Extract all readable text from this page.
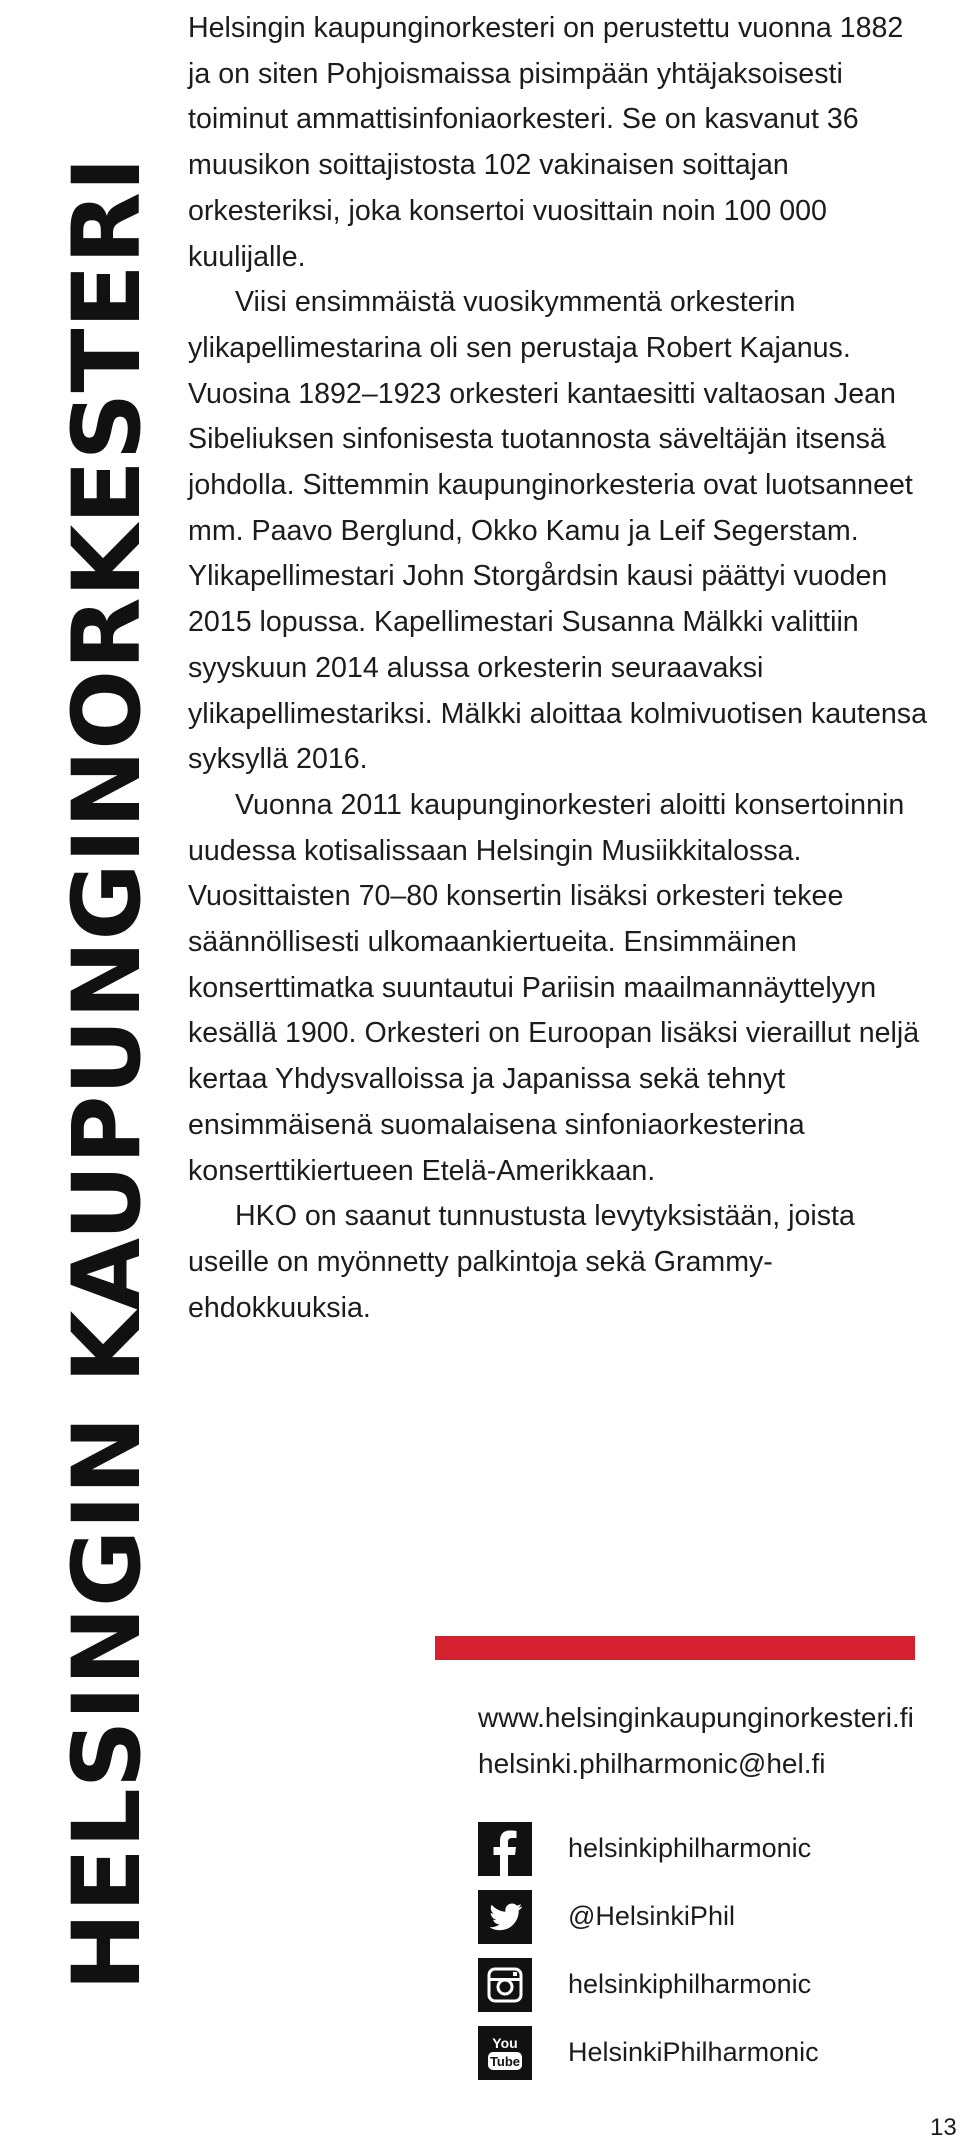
HELSINGIN KAUPUNGINORKESTERI

Helsingin kaupunginorkesteri on perustettu vuonna 1882 ja on siten Pohjoismaissa pisimpään yhtäjaksoisesti toiminut ammattisinfoniaorkesteri. Se on kasvanut 36 muusikon soittajistosta 102 vakinaisen soittajan orkesteriksi, joka konsertoi vuosittain noin 100 000 kuulijalle.

Viisi ensimmäistä vuosikymmentä orkesterin ylikapellimestarina oli sen perustaja Robert Kajanus. Vuosina 1892–1923 orkesteri kantaesitti valtaosan Jean Sibeliuksen sinfonisesta tuotannosta säveltäjän itsensä johdolla. Sittemmin kaupunginorkesteria ovat luotsanneet mm. Paavo Berglund, Okko Kamu ja Leif Segerstam. Ylikapellimestari John Storgårdsin kausi päättyi vuoden 2015 lopussa. Kapellimestari Susanna Mälkki valittiin syyskuun 2014 alussa orkesterin seuraavaksi ylikapellimestariksi. Mälkki aloittaa kolmivuotisen kautensa syksyllä 2016.

Vuonna 2011 kaupunginorkesteri aloitti konsertoinnin uudessa kotisalissaan Helsingin Musiikkitalossa. Vuosittaisten 70–80 konsertin lisäksi orkesteri tekee säännöllisesti ulkomaankiertueita. Ensimmäinen konserttimatka suuntautui Pariisin maailmannäyttelyyn kesällä 1900. Orkesteri on Euroopan lisäksi vieraillut neljä kertaa Yhdysvalloissa ja Japanissa sekä tehnyt ensimmäisenä suomalaisena sinfoniaorkesterina konserttikiertueen Etelä-Amerikkaan.

HKO on saanut tunnustusta levytyksistään, joista useille on myönnetty palkintoja sekä Grammy-ehdokkuuksia.

www.helsinginkaupunginorkesteri.fi
helsinki.philharmonic@hel.fi
helsinkiphilharmonic
@HelsinkiPhil
helsinkiphilharmonic
You
Tube HelsinkiPhilharmonic
13
